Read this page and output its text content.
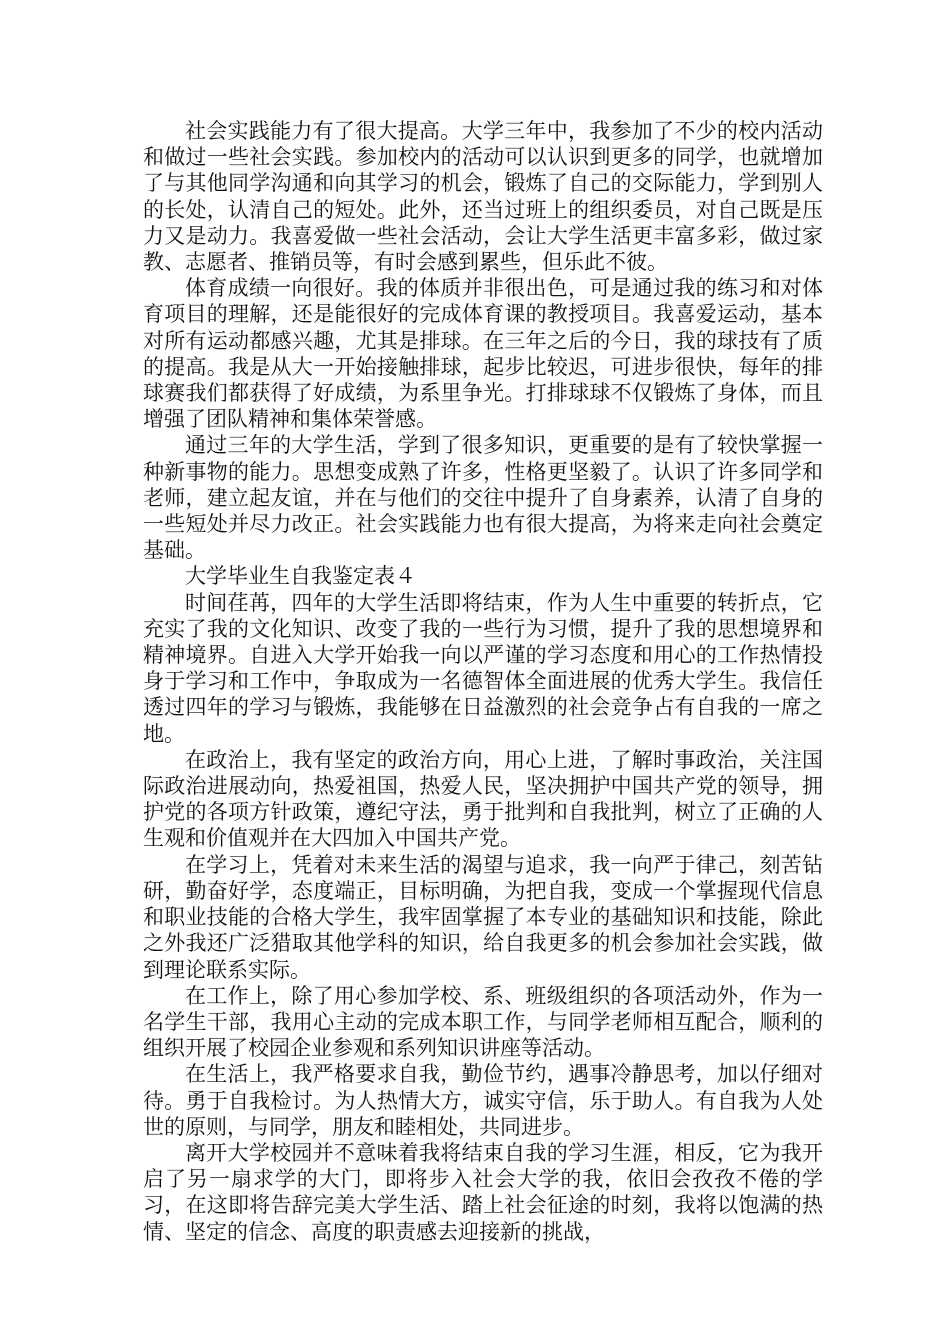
社会实践能力有了很大提高。大学三年中，我参加了不少的校内活动和做过一些社会实践。参加校内的活动可以认识到更多的同学，也就增加了与其他同学沟通和向其学习的机会，锻炼了自己的交际能力，学到别人的长处，认清自己的短处。此外，还当过班上的组织委员，对自己既是压力又是动力。我喜爱做一些社会活动，会让大学生活更丰富多彩，做过家教、志愿者、推销员等，有时会感到累些，但乐此不彼。

体育成绩一向很好。我的体质并非很出色，可是通过我的练习和对体育项目的理解，还是能很好的完成体育课的教授项目。我喜爱运动，基本对所有运动都感兴趣，尤其是排球。在三年之后的今日，我的球技有了质的提高。我是从大一开始接触排球，起步比较迟，可进步很快，每年的排球赛我们都获得了好成绩，为系里争光。打排球球不仅锻炼了身体，而且增强了团队精神和集体荣誉感。

通过三年的大学生活，学到了很多知识，更重要的是有了较快掌握一种新事物的能力。思想变成熟了许多，性格更坚毅了。认识了许多同学和老师，建立起友谊，并在与他们的交往中提升了自身素养，认清了自身的一些短处并尽力改正。社会实践能力也有很大提高，为将来走向社会奠定基础。

大学毕业生自我鉴定表４

时间荏苒，四年的大学生活即将结束，作为人生中重要的转折点，它充实了我的文化知识、改变了我的一些行为习惯，提升了我的思想境界和精神境界。自进入大学开始我一向以严谨的学习态度和用心的工作热情投身于学习和工作中，争取成为一名德智体全面进展的优秀大学生。我信任透过四年的学习与锻炼，我能够在日益激烈的社会竞争占有自我的一席之地。

在政治上，我有坚定的政治方向，用心上进，了解时事政治，关注国际政治进展动向，热爱祖国，热爱人民，坚决拥护中国共产党的领导，拥护党的各项方针政策，遵纪守法，勇于批判和自我批判，树立了正确的人生观和价值观并在大四加入中国共产党。

在学习上，凭着对未来生活的渴望与追求，我一向严于律己，刻苦钻研，勤奋好学，态度端正，目标明确，为把自我，变成一个掌握现代信息和职业技能的合格大学生，我牢固掌握了本专业的基础知识和技能，除此之外我还广泛猎取其他学科的知识，给自我更多的机会参加社会实践，做到理论联系实际。

在工作上，除了用心参加学校、系、班级组织的各项活动外，作为一名学生干部，我用心主动的完成本职工作，与同学老师相互配合，顺利的组织开展了校园企业参观和系列知识讲座等活动。

在生活上，我严格要求自我，勤俭节约，遇事冷静思考，加以仔细对待。勇于自我检讨。为人热情大方，诚实守信，乐于助人。有自我为人处世的原则，与同学，朋友和睦相处，共同进步。

离开大学校园并不意味着我将结束自我的学习生涯，相反，它为我开启了另一扇求学的大门，即将步入社会大学的我，依旧会孜孜不倦的学习，在这即将告辞完美大学生活、踏上社会征途的时刻，我将以饱满的热情、坚定的信念、高度的职责感去迎接新的挑战，
